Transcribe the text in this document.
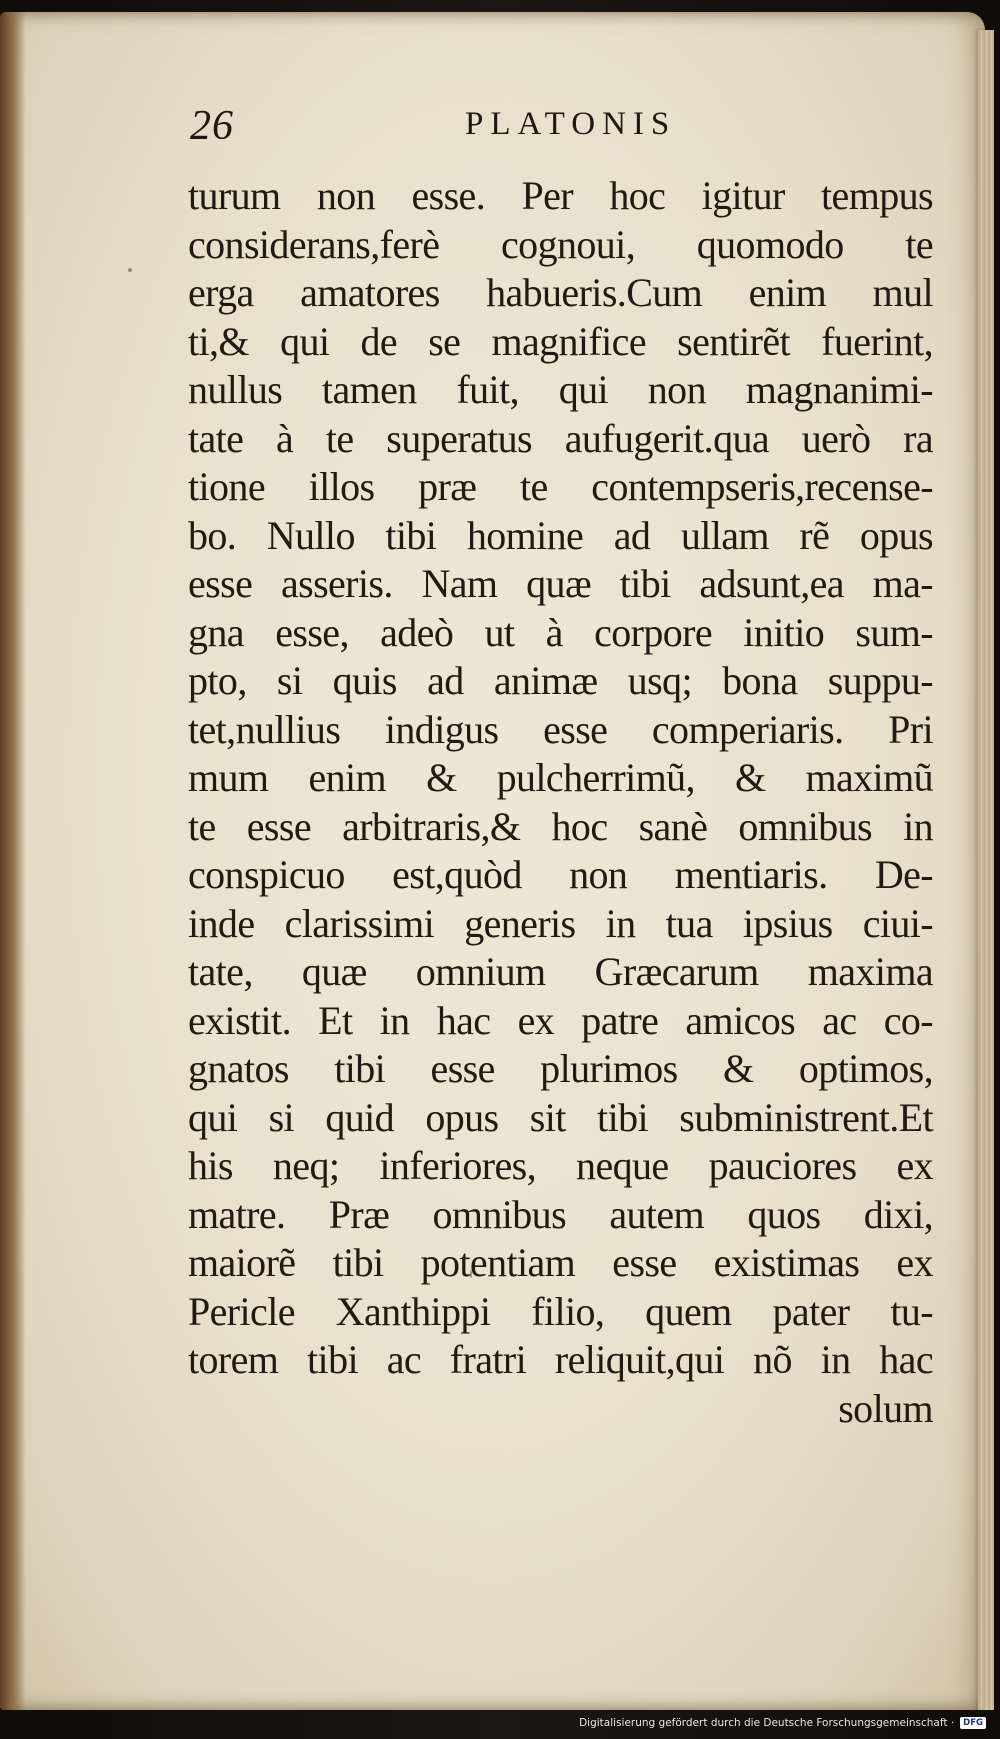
26	PLATONIS
turum non esse. Per hoc igitur tempus
considerans,ferè cognoui, quomodo te
erga amatores habueris.Cum enim mul
ti,& qui de se magnifice sentirẽt fuerint,
nullus tamen fuit, qui non magnanimi-
tate à te superatus aufugerit.qua uerò ra
tione illos præ te contempseris,recense-
bo. Nullo tibi homine ad ullam rẽ opus
esse asseris. Nam quæ tibi adsunt,ea ma-
gna esse, adeò ut à corpore initio sum-
pto, si quis ad animæ usq; bona suppu-
tet,nullius indigus esse comperiaris. Pri
mum enim & pulcherrimũ, & maximũ
te esse arbitraris,& hoc sanè omnibus in
conspicuo est,quòd non mentiaris. De-
inde clarissimi generis in tua ipsius ciui-
tate, quæ omnium Græcarum maxima
existit. Et in hac ex patre amicos ac co-
gnatos tibi esse plurimos & optimos,
qui si quid opus sit tibi subministrent.Et
his neq; inferiores, neque pauciores ex
matre. Præ omnibus autem quos dixi,
maiorẽ tibi potentiam esse existimas ex
Pericle Xanthippi filio, quem pater tu-
torem tibi ac fratri reliquit,qui nõ in hac
solum
Digitalisierung gefördert durch die Deutsche Forschungsgemeinschaft ·	DFG
